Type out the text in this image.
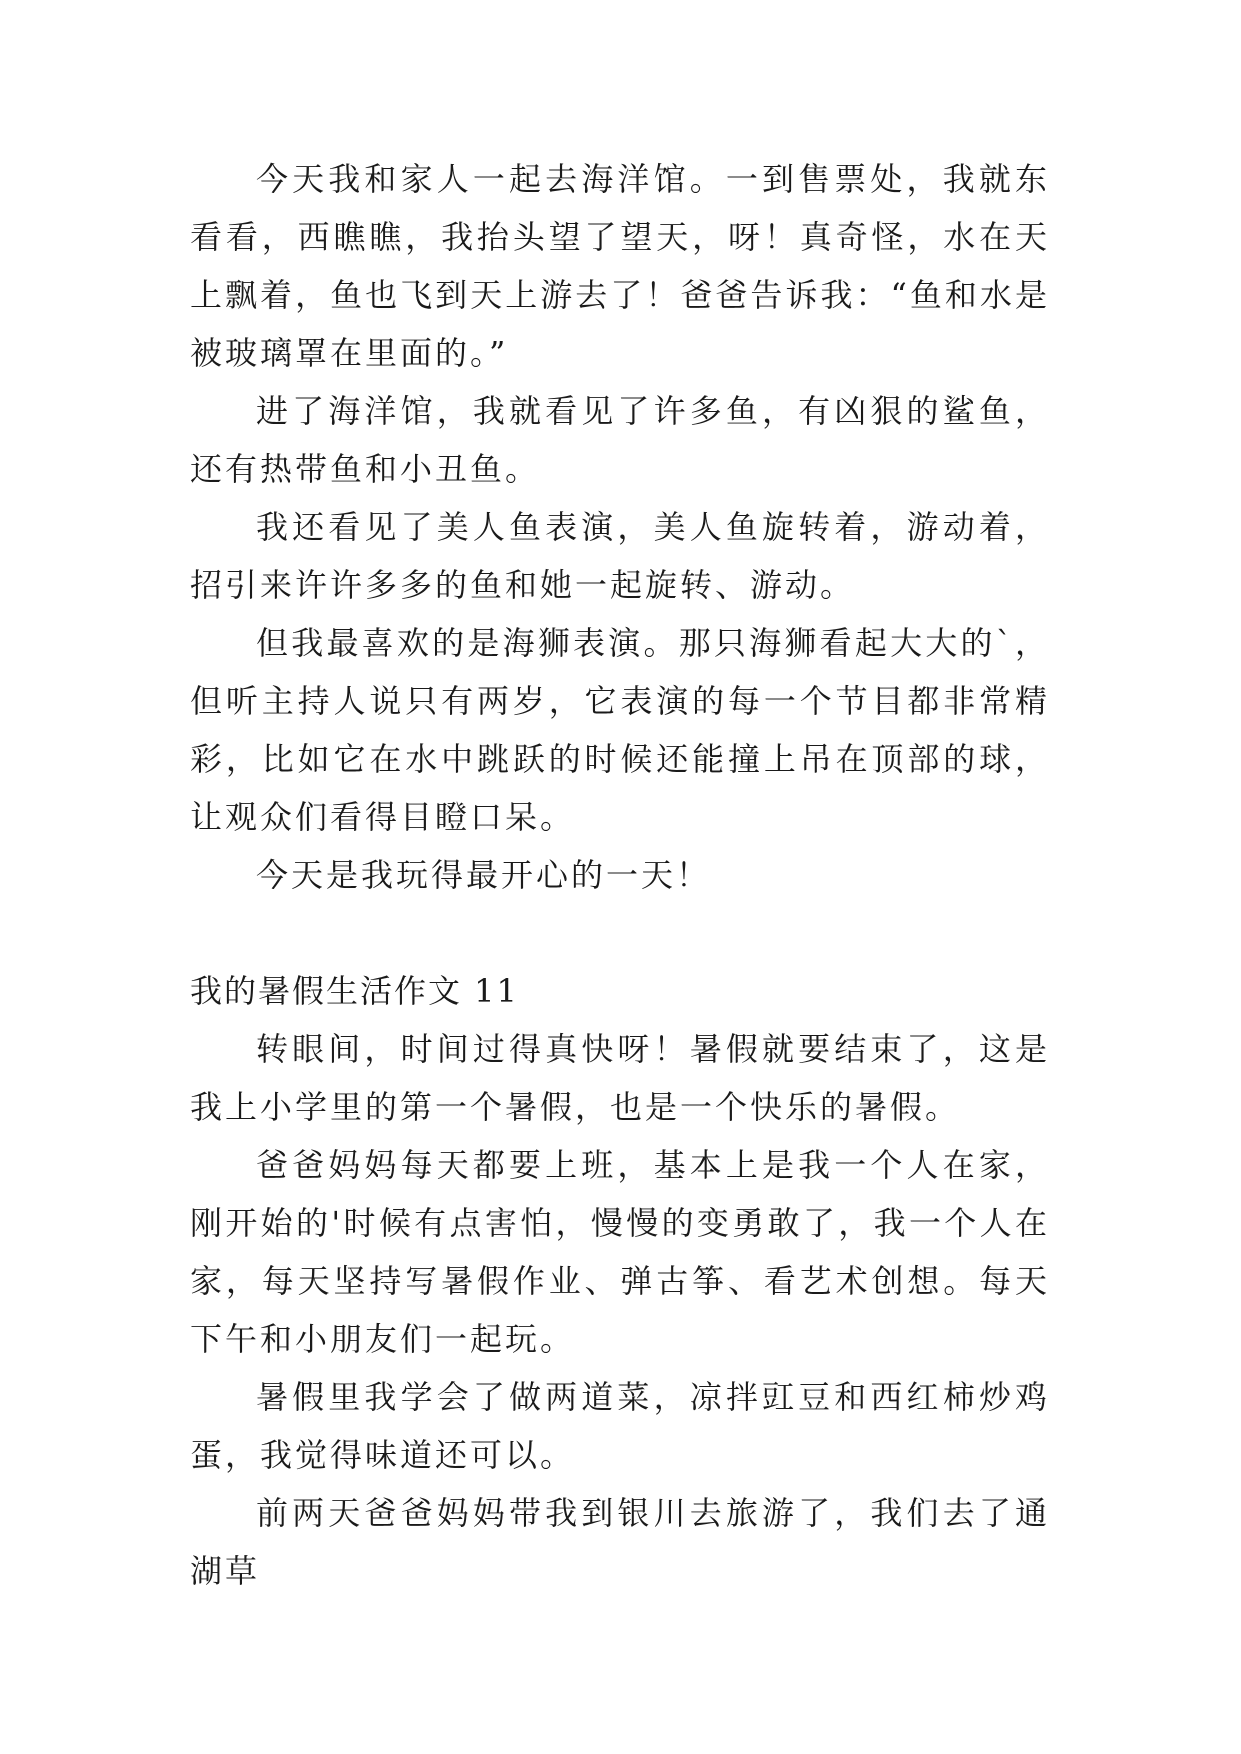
今天我和家人一起去海洋馆。一到售票处，我就东看看，西瞧瞧，我抬头望了望天，呀！真奇怪，水在天上飘着，鱼也飞到天上游去了！爸爸告诉我：“鱼和水是被玻璃罩在里面的。”

进了海洋馆，我就看见了许多鱼，有凶狠的鲨鱼，还有热带鱼和小丑鱼。

我还看见了美人鱼表演，美人鱼旋转着，游动着，招引来许许多多的鱼和她一起旋转、游动。

但我最喜欢的是海狮表演。那只海狮看起大大的`，但听主持人说只有两岁，它表演的每一个节目都非常精彩，比如它在水中跳跃的时候还能撞上吊在顶部的球，让观众们看得目瞪口呆。

今天是我玩得最开心的一天！

我的暑假生活作文 11

转眼间，时间过得真快呀！暑假就要结束了，这是我上小学里的第一个暑假，也是一个快乐的暑假。

爸爸妈妈每天都要上班，基本上是我一个人在家，刚开始的'时候有点害怕，慢慢的变勇敢了，我一个人在家，每天坚持写暑假作业、弹古筝、看艺术创想。每天下午和小朋友们一起玩。

暑假里我学会了做两道菜，凉拌豇豆和西红柿炒鸡蛋，我觉得味道还可以。

前两天爸爸妈妈带我到银川去旅游了，我们去了通湖草
